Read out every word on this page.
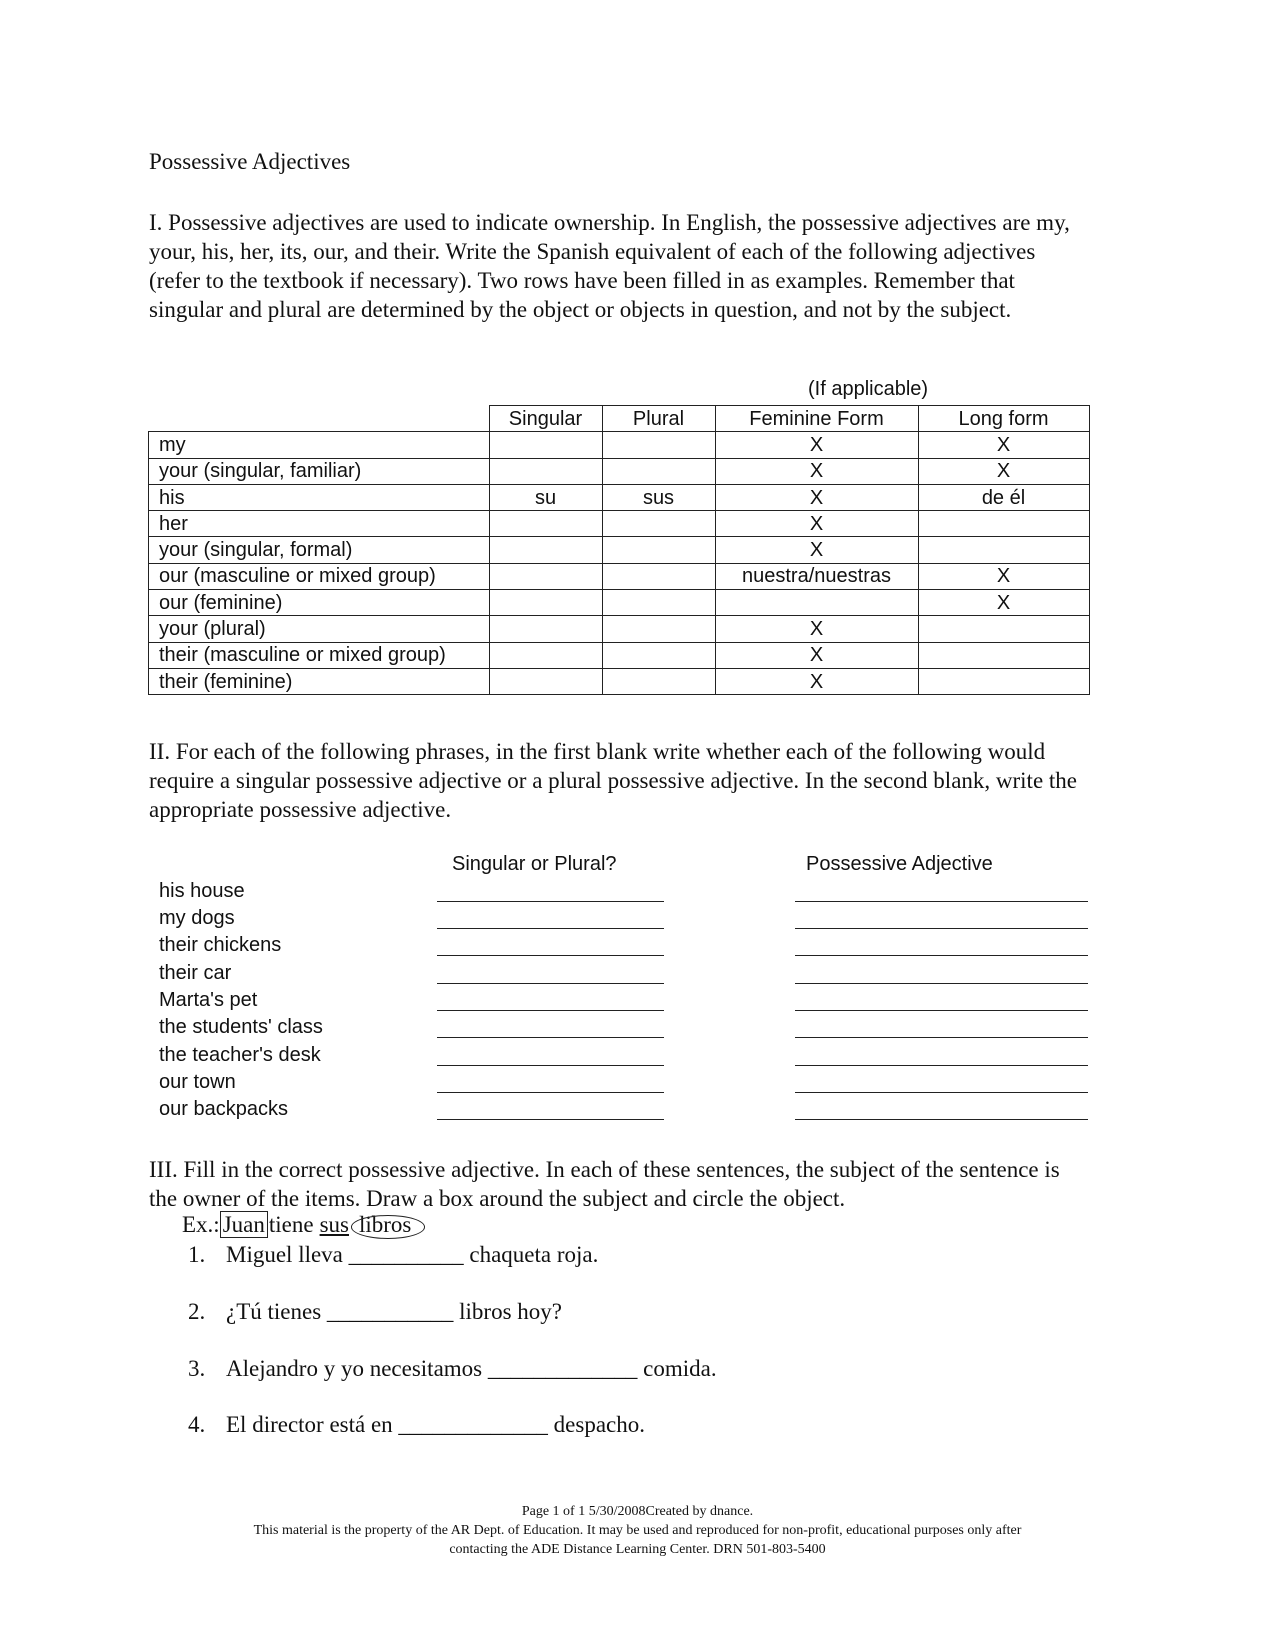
Possessive Adjectives
I. Possessive adjectives are used to indicate ownership. In English, the possessive adjectives are my, your, his, her, its, our, and their. Write the Spanish equivalent of each of the following adjectives (refer to the textbook if necessary). Two rows have been filled in as examples. Remember that singular and plural are determined by the object or objects in question, and not by the subject.
(If applicable)
	Singular	Plural	Feminine Form	Long form
my			X	X
your (singular, familiar)			X	X
his	su	sus	X	de él
her			X	
your (singular, formal)			X	
our (masculine or mixed group)			nuestra/nuestras	X
our (feminine)				X
your (plural)			X	
their (masculine or mixed group)			X	
their (feminine)			X	
II. For each of the following phrases, in the first blank write whether each of the following would require a singular possessive adjective or a plural possessive adjective. In the second blank, write the appropriate possessive adjective.
Singular or Plural?	Possessive Adjective
his house
my dogs
their chickens
their car
Marta's pet
the students' class
the teacher's desk
our town
our backpacks
III. Fill in the correct possessive adjective. In each of these sentences, the subject of the sentence is the owner of the items. Draw a box around the subject and circle the object.
Ex.: Juan tiene sus libros
1. Miguel lleva __________ chaqueta roja.
2. ¿Tú tienes ___________ libros hoy?
3. Alejandro y yo necesitamos _____________ comida.
4. El director está en _____________ despacho.
Page 1 of 1 5/30/2008Created by dnance.
This material is the property of the AR Dept. of Education. It may be used and reproduced for non-profit, educational purposes only after
contacting the ADE Distance Learning Center. DRN 501-803-5400
